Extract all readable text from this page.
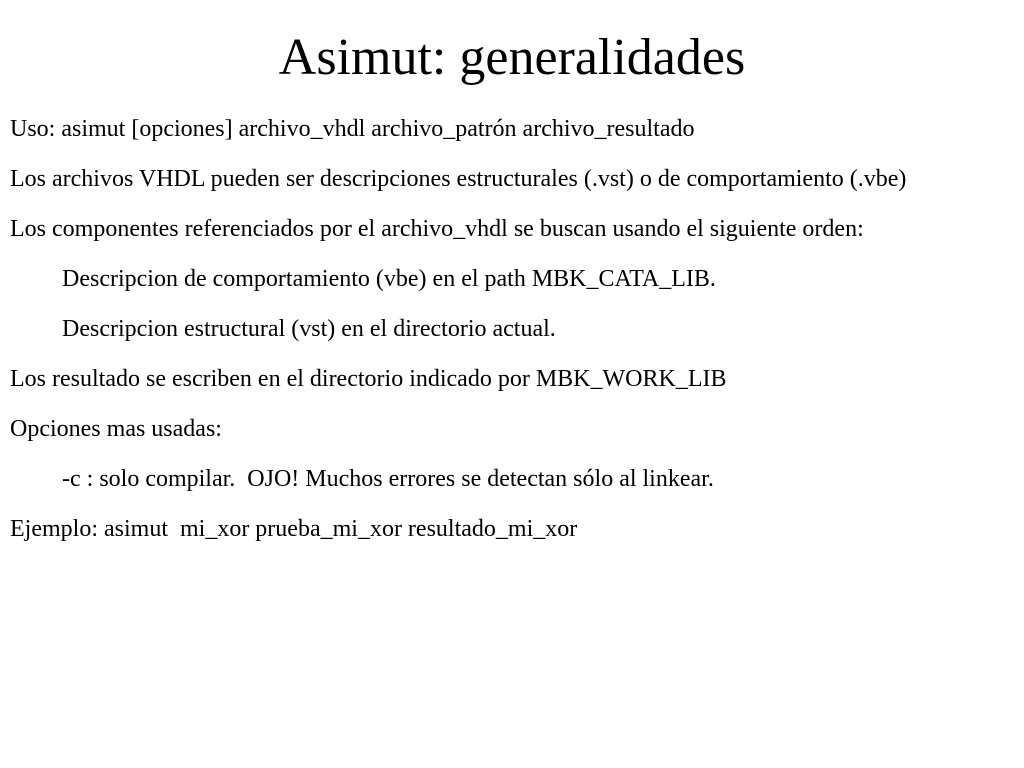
Asimut: generalidades

Uso: asimut [opciones] archivo_vhdl archivo_patrón archivo_resultado

Los archivos VHDL pueden ser descripciones estructurales (.vst) o de comportamiento (.vbe)

Los componentes referenciados por el archivo_vhdl se buscan usando el siguiente orden:

Descripcion de comportamiento (vbe) en el path MBK_CATA_LIB.

Descripcion estructural (vst) en el directorio actual.

Los resultado se escriben en el directorio indicado por MBK_WORK_LIB

Opciones mas usadas:

-c : solo compilar.  OJO! Muchos errores se detectan sólo al linkear.

Ejemplo: asimut  mi_xor prueba_mi_xor resultado_mi_xor
